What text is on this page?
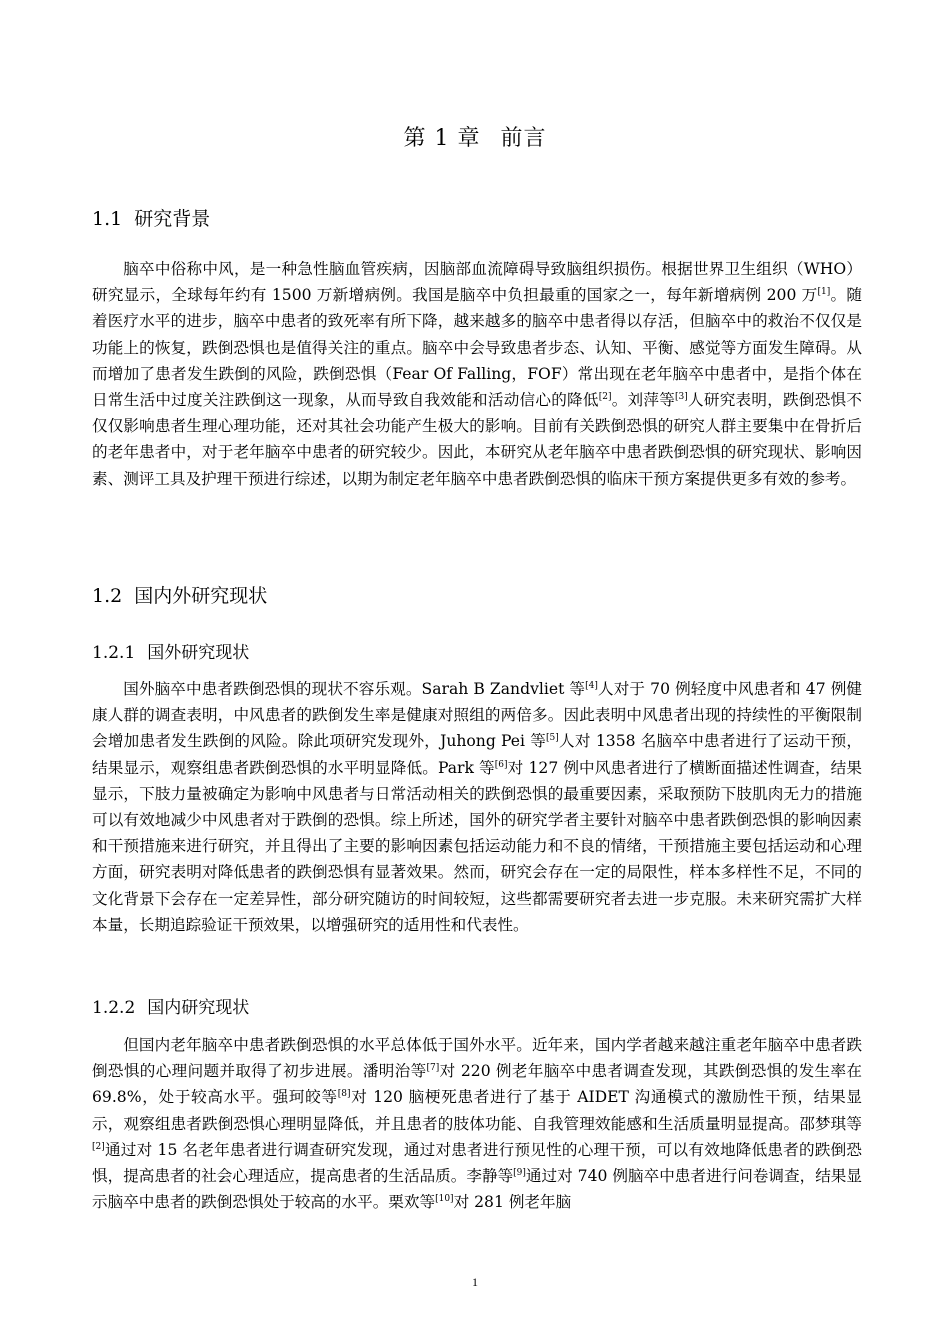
第 1 章 前言
1.1 研究背景

脑卒中俗称中风，是一种急性脑血管疾病，因脑部血流障碍导致脑组织损伤。根据世界卫生组织（WHO）研究显示，全球每年约有 1500 万新增病例。我国是脑卒中负担最重的国家之一，每年新增病例 200 万[1]。随着医疗水平的进步，脑卒中患者的致死率有所下降，越来越多的脑卒中患者得以存活，但脑卒中的救治不仅仅是功能上的恢复，跌倒恐惧也是值得关注的重点。脑卒中会导致患者步态、认知、平衡、感觉等方面发生障碍。从而增加了患者发生跌倒的风险，跌倒恐惧（Fear Of Falling，FOF）常出现在老年脑卒中患者中，是指个体在日常生活中过度关注跌倒这一现象，从而导致自我效能和活动信心的降低[2]。刘萍等[3]人研究表明，跌倒恐惧不仅仅影响患者生理心理功能，还对其社会功能产生极大的影响。目前有关跌倒恐惧的研究人群主要集中在骨折后的老年患者中，对于老年脑卒中患者的研究较少。因此，本研究从老年脑卒中患者跌倒恐惧的研究现状、影响因素、测评工具及护理干预进行综述，以期为制定老年脑卒中患者跌倒恐惧的临床干预方案提供更多有效的参考。

1.2 国内外研究现状
1.2.1 国外研究现状

国外脑卒中患者跌倒恐惧的现状不容乐观。Sarah B Zandvliet 等[4]人对于 70 例轻度中风患者和 47 例健康人群的调查表明，中风患者的跌倒发生率是健康对照组的两倍多。因此表明中风患者出现的持续性的平衡限制会增加患者发生跌倒的风险。除此项研究发现外，Juhong Pei 等[5]人对 1358 名脑卒中患者进行了运动干预，结果显示，观察组患者跌倒恐惧的水平明显降低。Park 等[6]对 127 例中风患者进行了横断面描述性调查，结果显示，下肢力量被确定为影响中风患者与日常活动相关的跌倒恐惧的最重要因素，采取预防下肢肌肉无力的措施可以有效地减少中风患者对于跌倒的恐惧。综上所述，国外的研究学者主要针对脑卒中患者跌倒恐惧的影响因素和干预措施来进行研究，并且得出了主要的影响因素包括运动能力和不良的情绪，干预措施主要包括运动和心理方面，研究表明对降低患者的跌倒恐惧有显著效果。然而，研究会存在一定的局限性，样本多样性不足，不同的文化背景下会存在一定差异性，部分研究随访的时间较短，这些都需要研究者去进一步克服。未来研究需扩大样本量，长期追踪验证干预效果，以增强研究的适用性和代表性。

1.2.2 国内研究现状

但国内老年脑卒中患者跌倒恐惧的水平总体低于国外水平。近年来，国内学者越来越注重老年脑卒中患者跌倒恐惧的心理问题并取得了初步进展。潘明治等[7]对 220 例老年脑卒中患者调查发现，其跌倒恐惧的发生率在 69.8%，处于较高水平。强珂皎等[8]对 120 脑梗死患者进行了基于 AIDET 沟通模式的激励性干预，结果显示，观察组患者跌倒恐惧心理明显降低，并且患者的肢体功能、自我管理效能感和生活质量明显提高。邵梦琪等[2]通过对 15 名老年患者进行调查研究发现，通过对患者进行预见性的心理干预，可以有效地降低患者的跌倒恐惧，提高患者的社会心理适应，提高患者的生活品质。李静等[9]通过对 740 例脑卒中患者进行问卷调查，结果显示脑卒中患者的跌倒恐惧处于较高的水平。栗欢等[10]对 281 例老年脑

1
